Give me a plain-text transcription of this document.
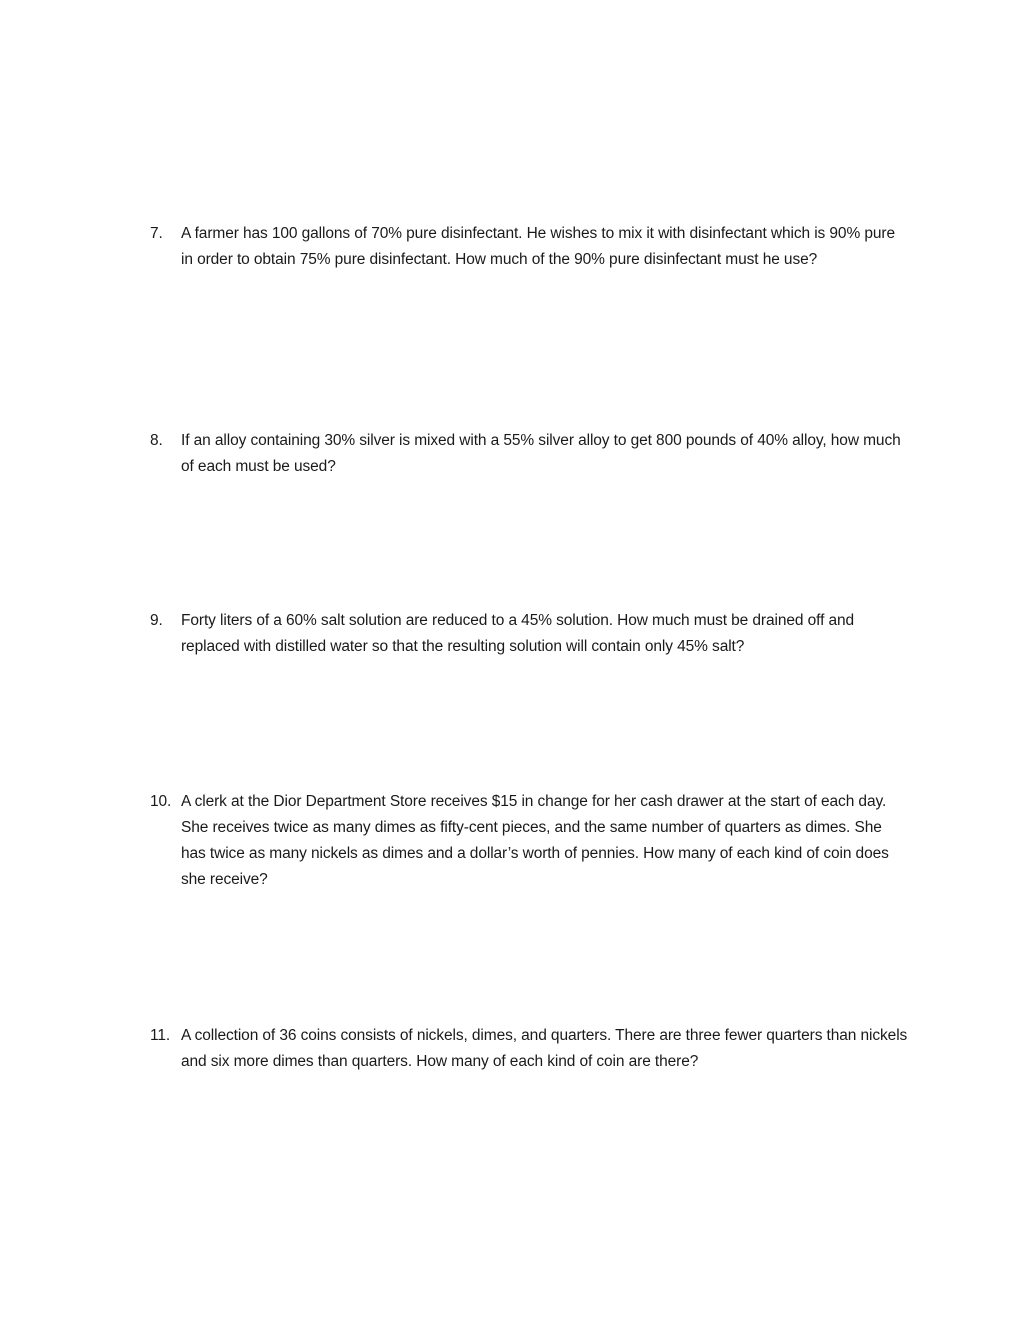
7.	A farmer has 100 gallons of 70% pure disinfectant. He wishes to mix it with disinfectant which is 90% pure in order to obtain 75% pure disinfectant. How much of the 90% pure disinfectant must he use?
8.	If an alloy containing 30% silver is mixed with a 55% silver alloy to get 800 pounds of 40% alloy, how much of each must be used?
9.	Forty liters of a 60% salt solution are reduced to a 45% solution. How much must be drained off and replaced with distilled water so that the resulting solution will contain only 45% salt?
10. A clerk at the Dior Department Store receives $15 in change for her cash drawer at the start of each day. She receives twice as many dimes as fifty-cent pieces, and the same number of quarters as dimes. She has twice as many nickels as dimes and a dollar’s worth of pennies. How many of each kind of coin does she receive?
11. A collection of 36 coins consists of nickels, dimes, and quarters. There are three fewer quarters than nickels and six more dimes than quarters. How many of each kind of coin are there?
